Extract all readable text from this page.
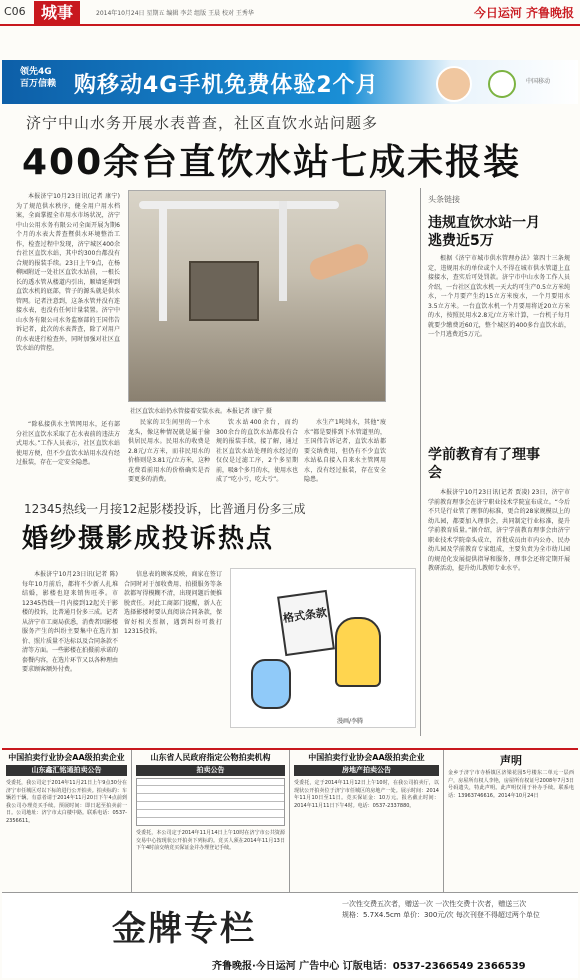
C06 城事	2014年10月24日 星期五 编辑 李芸 组版 王晨 校对 王秀华	今日运河 齐鲁晚报
领先4G
百万信赖 购移动4G手机免费体验2个月	中国移动
济宁中山水务开展水表普查，社区直饮水站问题多
400余台直饮水站七成未报装

本报济宁10月23日讯(记者 康宁) 为了规范供水秩序，健全用户用水档案，全面掌握全市用水市场状况，济宁中山公用水务有限公司全面开展为期6个月的水表大普查暨供水环境整治工作，检查过程中发现，济宁城区400余台社区直饮水站，其中约300台都没有合规的报装手续。23日上午9点，在杨柳园附近一处社区直饮水站前，一根长长的透水管从楼道内引出，顺墙延伸到直饮水机的底部，管子的源头就是供水管网。记者注意到，这条水管并没有连接水表，也没有任何计量装置。济宁中山水务有限公司水务监察部的王国伟告诉记者，此次的水表普查，除了对用户的水表进行检查外，同时加强对社区直饮水站的管控。

“除私接供水主管网用水，还有部分社区直饮水采取了在水表前的违法方式用水。”工作人员表示，社区直饮水站使用方便，但不少直饮水站用水没有经过报装，存在一定安全隐患。

社区直饮水站仍水管接着安装水表。本报记者 康宁 摄

民家的卫生间里的一个水龙头，像这种情况就是属于偷供居民用水。民用水的收费是2.8元/立方米，而非民用水的价格则是3.81元/立方米，这种花费看前用水的价格确实是否要更多的消费。

饮水站400余台，而约300余台的直饮水站都没有合规的报装手续，接了解，通过社区直饮水站处理的水经过的仅仅是过滤工序，2个多星期前，吸8个多月的水，使用水也成了“吃小亏，吃大亏”。

水生产1吨纯水，其他“废水”都是要排到下水管道里的，王国伟告诉记者，直饮水站都要交纳费用，但仍有不少直饮水站私自接入自来水主管网用水，没有经过报装，存在安全隐患。

头条链接
违规直饮水站一月逃费近5万

根据《济宁市城市供水管理办法》第四十三条规定，违规用水的单位或个人不得在城市供水管道上直接接水，查实后可处罚款。济宁市中山水务工作人员介绍，一台社区直饮水机一天大约可生产0.5立方米纯水，一个月要产生约15立方米废水，一个月要用水3.5立方米。一台直饮水机一个月要用将近20立方米的水，按照民用水2.8元/立方米计算，一台机子每月就要少缴费近60元，整个城区的400多台直饮水站，一个月逃费近5万元。

学前教育有了理事会

本报济宁10月23日讯(记者 贾凌) 23日，济宁市学前教育理事会在济宁职业技术学院宣布成立。“今后不只是行业管了理事的标准，更合的28家规模以上的幼儿园，都要加入理事会，共同制定行业标准，提升学前教育质量。”据介绍，济宁学前教育理事会由济宁职业技术学院牵头成立，首批成员由市内公办、民办幼儿园及学前教育专家组成，主要负责为全市幼儿园的规范化发展提供指导和服务，理事会还将定期开展教研活动，提升幼儿教师专业水平。

12345热线一月接12起影楼投诉，比普通月份多三成
婚纱摄影成投诉热点

本报济宁10月23日讯(记者 陈) 每年10月前后，都将不少新人扎堆结婚，影楼也迎来销售旺季。市12345热线一月内接到12起关于影楼的投诉，比普通月份多三成。记者从济宁市工商局获悉，消费者因影楼服务产生的纠纷主要集中在选片加价、照片质量不达标以及合同条款不清等方面。一些影楼在拍摄前承诺的套餐内容，在选片环节又以各种理由要求顾客额外付费。

信息表的顾客反映，商家在签订合同时对于加收费用、拍摄服务等条款都写得模糊不清，出现问题后便推脱责任。对此工商部门提醒，新人在选择影楼时要认真阅读合同条款，保留好相关票据，遇到纠纷可拨打12315投诉。

格式条款
漫画/李腾
中国拍卖行业协会AA级拍卖企业
山东鑫汇铭通拍卖公告
受委托，我公司定于2014年11月21日上午9点30分在济宁市任城区对以下标的进行公开拍卖。拍卖标的：车辆若干辆。有意者请于2014年11月20日下午4点前到我公司办理竞买手续。预展时间：即日起至拍卖前一日。公司地址：济宁市太白楼中路。联系电话：0537-2356611。
山东省人民政府指定公物拍卖机构
拍卖公告
受委托，本公司定于2014年11月14日上午10时在济宁市公共资源交易中心按现状公开拍卖下列标的。竞买人须在2014年11月13日下午4时前交纳竞买保证金并办理登记手续。
中国拍卖行业协会AA级拍卖企业
房地产拍卖公告
受委托，定于2014年11月12日上午10时，在我公司拍卖厅，以现状公开拍卖位于济宁市任城区的房地产一处。展示时间：2014年11月10日至11日。竞买保证金：10万元。报名截止时间：2014年11月11日下午4时。电话：0537-2337880。
声明
金乡于济宁市寺桥镇区济梁花园5号楼东二单元一层西户，房屋所有权人李艳，房屋所有权证号2008年7月3日号码遗失，特此声明。此声明仅用于补办手续。联系电话：13963746616。2014年10月24日
金牌专栏
一次性交费五次者，赠送一次 一次性交费十次者，赠送三次
规格：5.7X4.5cm 单价：300元/次 每次刊登不得超过两个单位
齐鲁晚报·今日运河 广告中心 订版电话：0537-2366549 2366539
